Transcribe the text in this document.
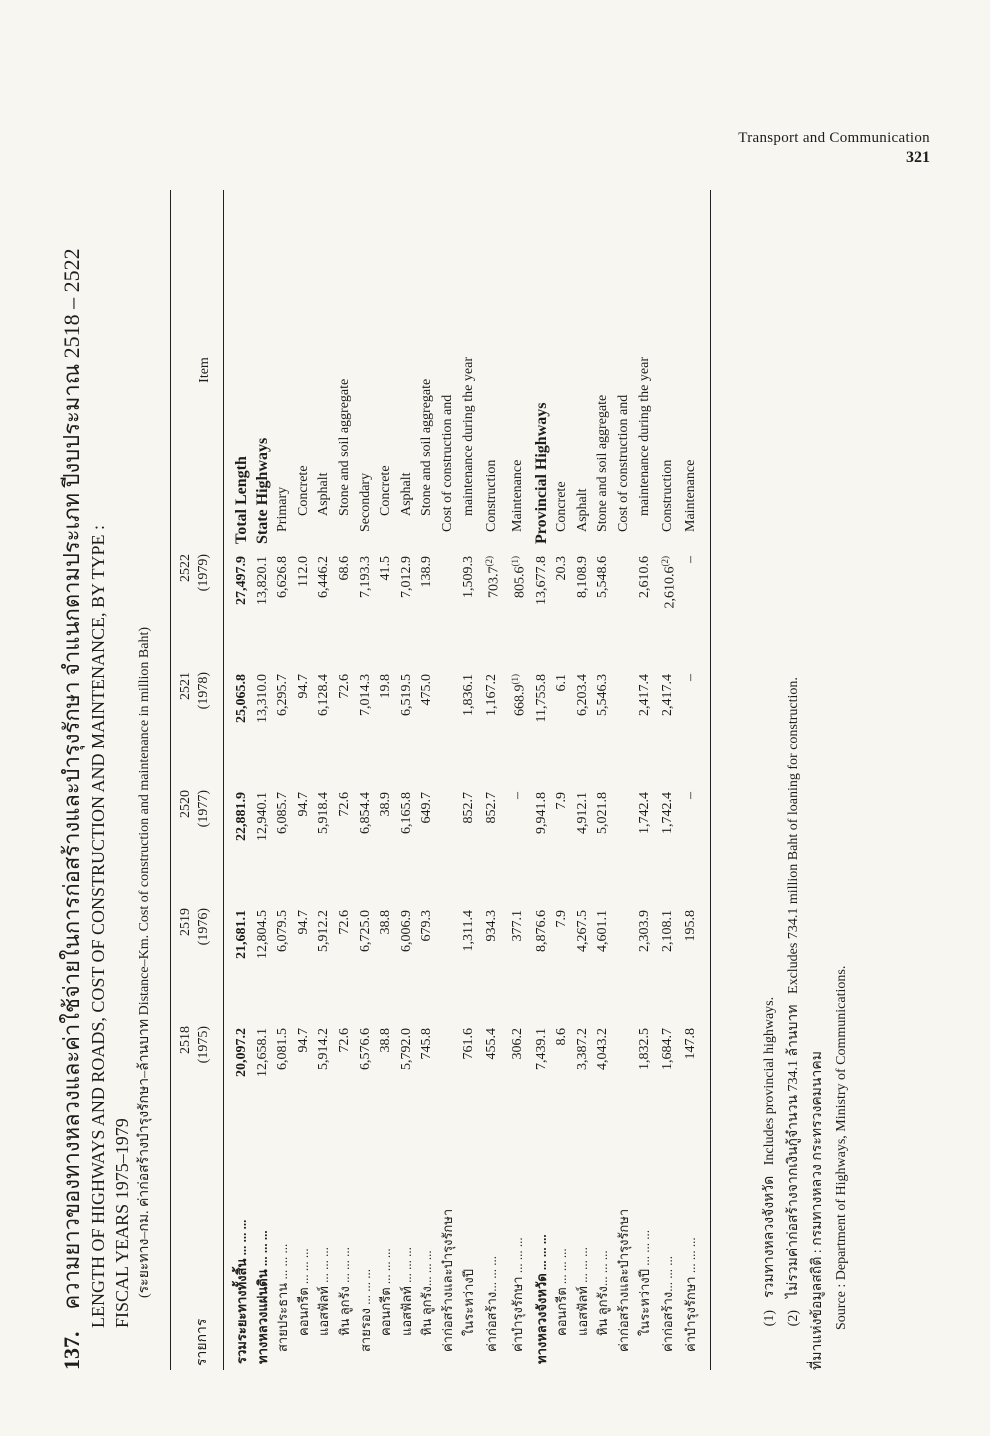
Transport and Communication
321
137.ความยาวของทางหลวงและค่าใช้จ่ายในการก่อสร้างและบำรุงรักษา จำแนกตามประเภท ปีงบประมาณ 2518 – 2522 LENGTH OF HIGHWAYS AND ROADS, COST OF CONSTRUCTION AND MAINTENANCE, BY TYPE : FISCAL YEARS 1975–1979 (ระยะทาง–กม. ค่าก่อสร้างบำรุงรักษา–ล้านบาท Distance–Km. Cost of construction and maintenance in million Baht)
รายการ	2518 (1975)	2519 (1976)	2520 (1977)	2521 (1978)	2522 (1979)	Item
รวมระยะทางทั้งสิ้น ... ... ...	20,097.2	21,681.1	22,881.9	25,065.8	27,497.9	Total Length
ทางหลวงแผ่นดิน ... ... ...	12,658.1	12,804.5	12,940.1	13,310.0	13,820.1	State Highways
สายประธาน ... ... ...	6,081.5	6,079.5	6,085.7	6,295.7	6,626.8	Primary
คอนกรีต ... ... ...	94.7	94.7	94.7	94.7	112.0	Concrete
แอสฟัลท์ ... ... ...	5,914.2	5,912.2	5,918.4	6,128.4	6,446.2	Asphalt
หิน ลูกรัง ... ... ...	72.6	72.6	72.6	72.6	68.6	Stone and soil aggregate
สายรอง ... ... ...	6,576.6	6,725.0	6,854.4	7,014.3	7,193.3	Secondary
คอนกรีต ... ... ...	38.8	38.8	38.9	19.8	41.5	Concrete
แอสฟัลท์ ... ... ...	5,792.0	6,006.9	6,165.8	6,519.5	7,012.9	Asphalt
หิน ลูกรัง... ... ...	745.8	679.3	649.7	475.0	138.9	Stone and soil aggregate
ค่าก่อสร้างและบำรุงรักษา						Cost of construction and
ในระหว่างปี	761.6	1,311.4	852.7	1,836.1	1,509.3	maintenance during the year
ค่าก่อสร้าง... ... ...	455.4	934.3	852.7	1,167.2	703.7$^{(2)}$	Construction
ค่าบำรุงรักษา ... ... ...	306.2	377.1	–	668.9$^{(1)}$	805.6$^{(1)}$	Maintenance
ทางหลวงจังหวัด ... ... ...	7,439.1	8,876.6	9,941.8	11,755.8	13,677.8	Provincial Highways
คอนกรีต ... ... ...	8.6	7.9	7.9	6.1	20.3	Concrete
แอสฟัลท์ ... ... ...	3,387.2	4,267.5	4,912.1	6,203.4	8,108.9	Asphalt
หิน ลูกรัง... ... ...	4,043.2	4,601.1	5,021.8	5,546.3	5,548.6	Stone and soil aggregate
ค่าก่อสร้างและบำรุงรักษา						Cost of construction and
ในระหว่างปี ... ... ...	1,832.5	2,303.9	1,742.4	2,417.4	2,610.6	maintenance during the year
ค่าก่อสร้าง... ... ...	1,684.7	2,108.1	1,742.4	2,417.4	2,610.6$^{(2)}$	Construction
ค่าบำรุงรักษา ... ... ...	147.8	195.8	–	–	–	Maintenance
(1)รวมทางหลวงจังหวัด   Includes provincial highways.
(2)ไม่รวมค่าก่อสร้างจากเงินกู้จำนวน 734.1 ล้านบาท   Excludes 734.1 million Baht of loaning for construction.
ที่มาแห่งข้อมูลสถิติ : กรมทางหลวง กระทรวงคมนาคม
Source : Department of Highways, Ministry of Communications.
